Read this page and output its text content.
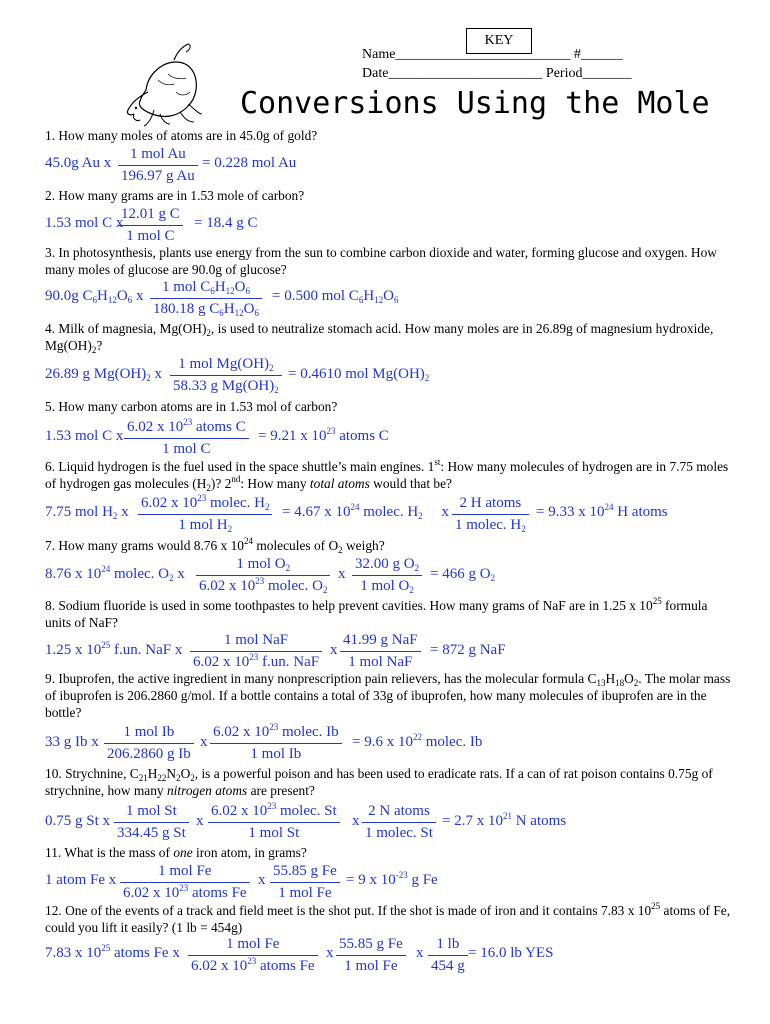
KEY
Name_________________________ #______
Date______________________ Period_______
Conversions Using the Mole
1. How many moles of atoms are in 45.0g of gold?
45.0g Au x
1 mol Au
196.97 g Au
= 0.228 mol Au
2. How many grams are in 1.53 mole of carbon?
1.53 mol C x
12.01 g C
1 mol C
= 18.4 g C
3. In photosynthesis, plants use energy from the sun to combine carbon dioxide and water, forming glucose and oxygen. How many moles of glucose are 90.0g of glucose?
90.0g $C_6H_{12}O_6$ x
1 mol $C_6H_{12}O_6$
180.18 g $C_6H_{12}O_6$
= 0.500 mol $C_6H_{12}O_6$
4. Milk of magnesia, $Mg(OH)_2$, is used to neutralize stomach acid. How many moles are in 26.89g of magnesium hydroxide, $Mg(OH)_2$?
26.89 g $Mg(OH)_2$ x
1 mol $Mg(OH)_2$
58.33 g $Mg(OH)_2$
= 0.4610 mol $Mg(OH)_2$
5. How many carbon atoms are in 1.53 mol of carbon?
1.53 mol C x
6.02 x $10^{23}$ atoms C
1 mol C
= 9.21 x $10^{23}$ atoms C
6. Liquid hydrogen is the fuel used in the space shuttle’s main engines. 1st: How many molecules of hydrogen are in 7.75 moles of hydrogen gas molecules $(H_2)$? 2nd: How many total atoms would that be?
7.75 mol $H_2$ x
6.02 x $10^{23}$ molec. $H_2$
1 mol $H_2$
= 4.67 x $10^{24}$ molec. $H_2$     x
2 H atoms
1 molec. $H_2$
= 9.33 x $10^{24}$ H atoms
7. How many grams would 8.76 x $10^{24}$ molecules of $O_2$ weigh?
8.76 x $10^{24}$ molec. $O_2$ x
1 mol $O_2$
6.02 x $10^{23}$ molec. $O_2$
x
32.00 g $O_2$
1 mol $O_2$
= 466 g $O_2$
8. Sodium fluoride is used in some toothpastes to help prevent cavities. How many grams of NaF are in 1.25 x $10^{25}$ formula units of NaF?
1.25 x $10^{25}$ f.un. NaF x
1 mol NaF
6.02 x $10^{23}$ f.un. NaF
x
41.99 g NaF
1 mol NaF
= 872 g NaF
9. Ibuprofen, the active ingredient in many nonprescription pain relievers, has the molecular formula $C_{13}H_{18}O_2$. The molar mass of ibuprofen is 206.2860 g/mol. If a bottle contains a total of 33g of ibuprofen, how many molecules of ibuprofen are in the bottle?
33 g Ib x
1 mol Ib
206.2860 g Ib
x
6.02 x $10^{23}$ molec. Ib
1 mol Ib
= 9.6 x $10^{22}$ molec. Ib
10. Strychnine, $C_{21}H_{22}N_2O_2$, is a powerful poison and has been used to eradicate rats. If a can of rat poison contains 0.75g of strychnine, how many nitrogen atoms are present?
0.75 g St x
1 mol St
334.45 g St
x
6.02 x $10^{23}$ molec. St
1 mol St
x
2 N atoms
1 molec. St
= 2.7 x $10^{21}$ N atoms
11. What is the mass of one iron atom, in grams?
1 atom Fe x
1 mol Fe
6.02 x $10^{23}$ atoms Fe
x
55.85 g Fe
1 mol Fe
= 9 x $10^{-23}$ g Fe
12. One of the events of a track and field meet is the shot put. If the shot is made of iron and it contains 7.83 x $10^{25}$ atoms of Fe, could you lift it easily? (1 lb = 454g)
7.83 x $10^{25}$ atoms Fe x
1 mol Fe
6.02 x $10^{23}$ atoms Fe
x
55.85 g Fe
1 mol Fe
x $\frac{1 lb}{454 g} = 16.0$ lb YES
